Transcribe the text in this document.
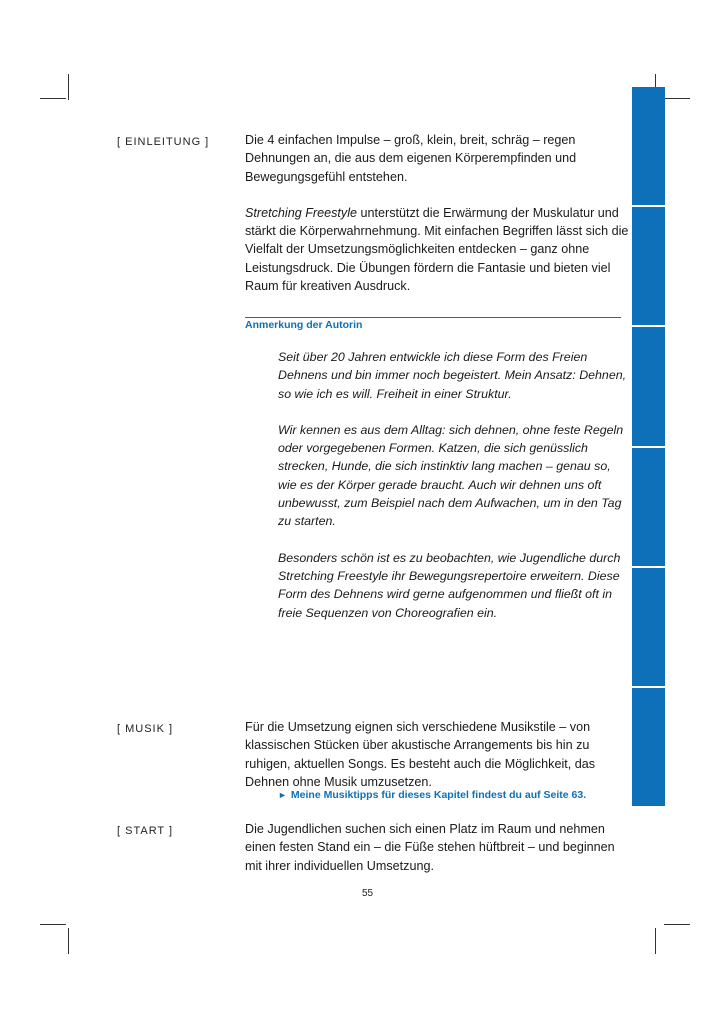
[ EINLEITUNG ]	Die 4 einfachen Impulse – groß, klein, breit, schräg – regen Dehnungen an, die aus dem eigenen Körperempfinden und Bewegungsgefühl entstehen.

Stretching Freestyle unterstützt die Erwärmung der Muskulatur und stärkt die Körperwahrnehmung. Mit einfachen Begriffen lässt sich die Vielfalt der Umsetzungsmöglichkeiten entdecken – ganz ohne Leistungsdruck. Die Übungen fördern die Fantasie und bieten viel Raum für kreativen Ausdruck.

Anmerkung der Autorin

Seit über 20 Jahren entwickle ich diese Form des Freien Dehnens und bin immer noch begeistert. Mein Ansatz: Dehnen, so wie ich es will. Freiheit in einer Struktur.

Wir kennen es aus dem Alltag: sich dehnen, ohne feste Regeln oder vorgegebenen Formen. Katzen, die sich genüsslich strecken, Hunde, die sich instinktiv lang machen – genau so, wie es der Körper gerade braucht. Auch wir dehnen uns oft unbewusst, zum Beispiel nach dem Aufwachen, um in den Tag zu starten.

Besonders schön ist es zu beobachten, wie Jugendliche durch Stretching Freestyle ihr Bewegungsrepertoire erweitern. Diese Form des Dehnens wird gerne aufgenommen und fließt oft in freie Sequenzen von Choreografien ein.

[ MUSIK ]	Für die Umsetzung eignen sich verschiedene Musikstile – von klassischen Stücken über akustische Arrangements bis hin zu ruhigen, aktuellen Songs. Es besteht auch die Möglichkeit, das Dehnen ohne Musik umzusetzen.

► Meine Musiktipps für dieses Kapitel findest du auf Seite 63.
[ START ]	Die Jugendlichen suchen sich einen Platz im Raum und nehmen einen festen Stand ein – die Füße stehen hüftbreit – und beginnen mit ihrer individuellen Umsetzung.

55
